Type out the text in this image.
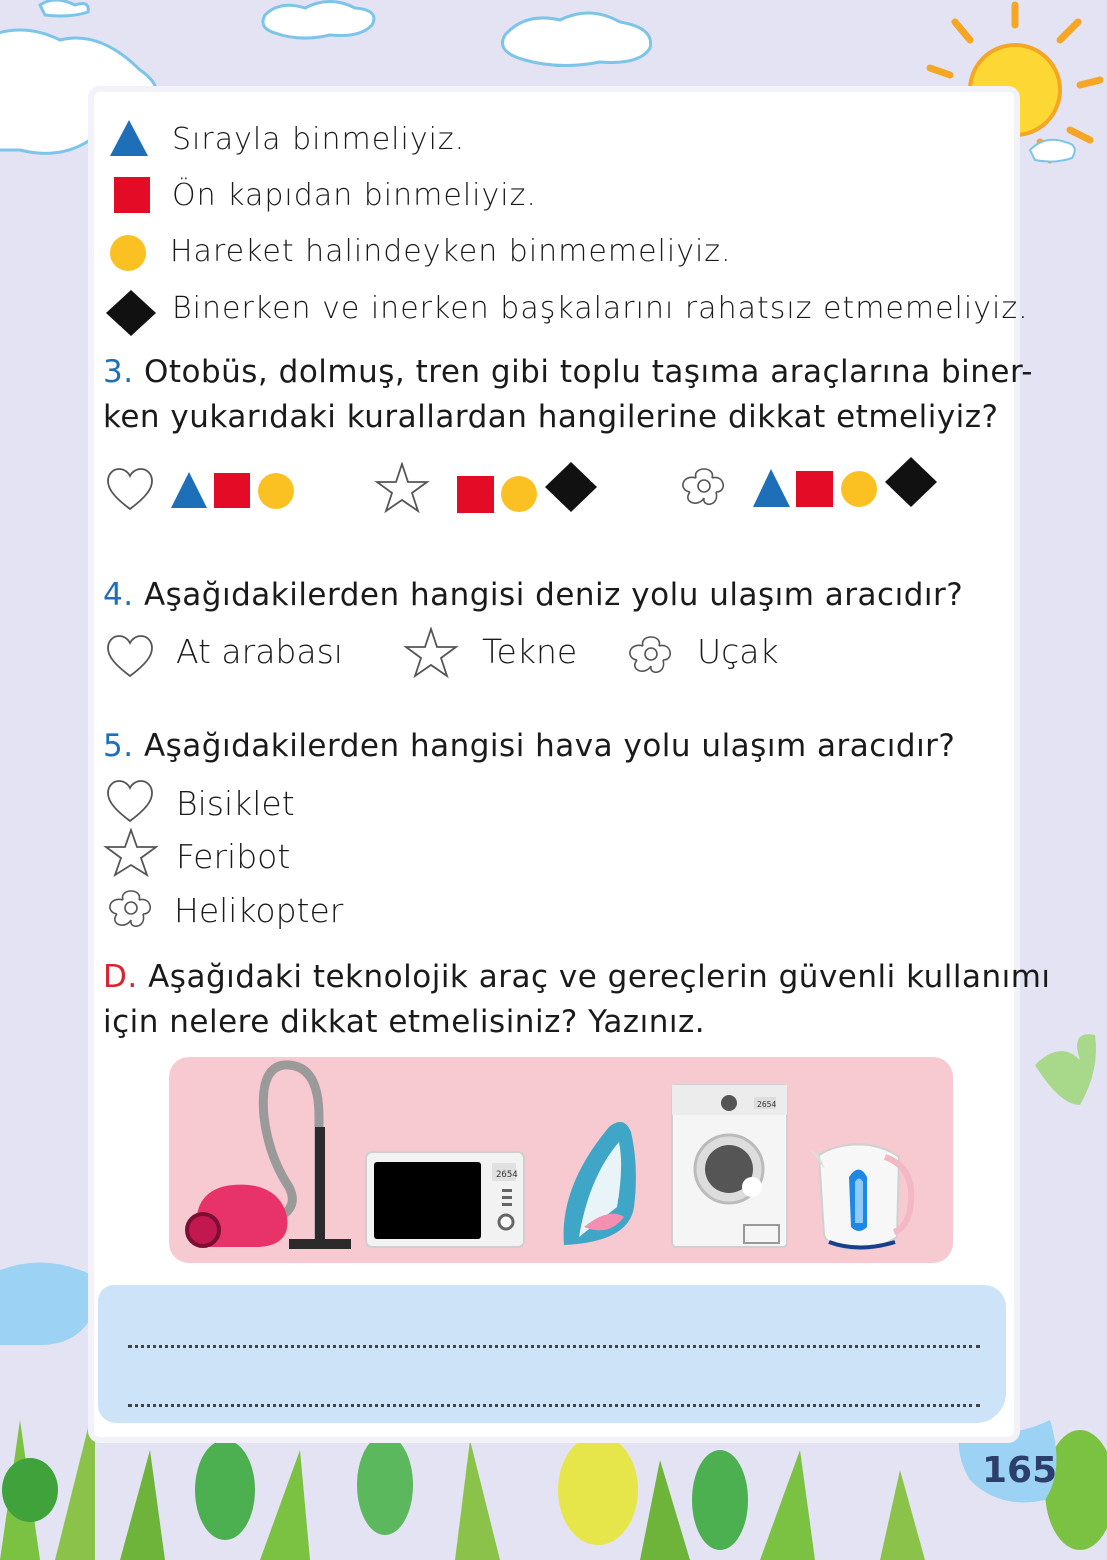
Sırayla binmeliyiz.
Ön kapıdan binmeliyiz.
Hareket halindeyken binmemeliyiz.
Binerken ve inerken başkalarını rahatsız etmemeliyiz.
3. Otobüs, dolmuş, tren gibi toplu taşıma araçlarına biner-
ken yukarıdaki kurallardan hangilerine dikkat etmeliyiz?
4. Aşağıdakilerden hangisi deniz yolu ulaşım aracıdır?
At arabası	Tekne	Uçak
5. Aşağıdakilerden hangisi hava yolu ulaşım aracıdır?
Bisiklet
Feribot
Helikopter
D. Aşağıdaki teknolojik araç ve gereçlerin güvenli kullanımı
için nelere dikkat etmelisiniz? Yazınız.
2654
2654
165
